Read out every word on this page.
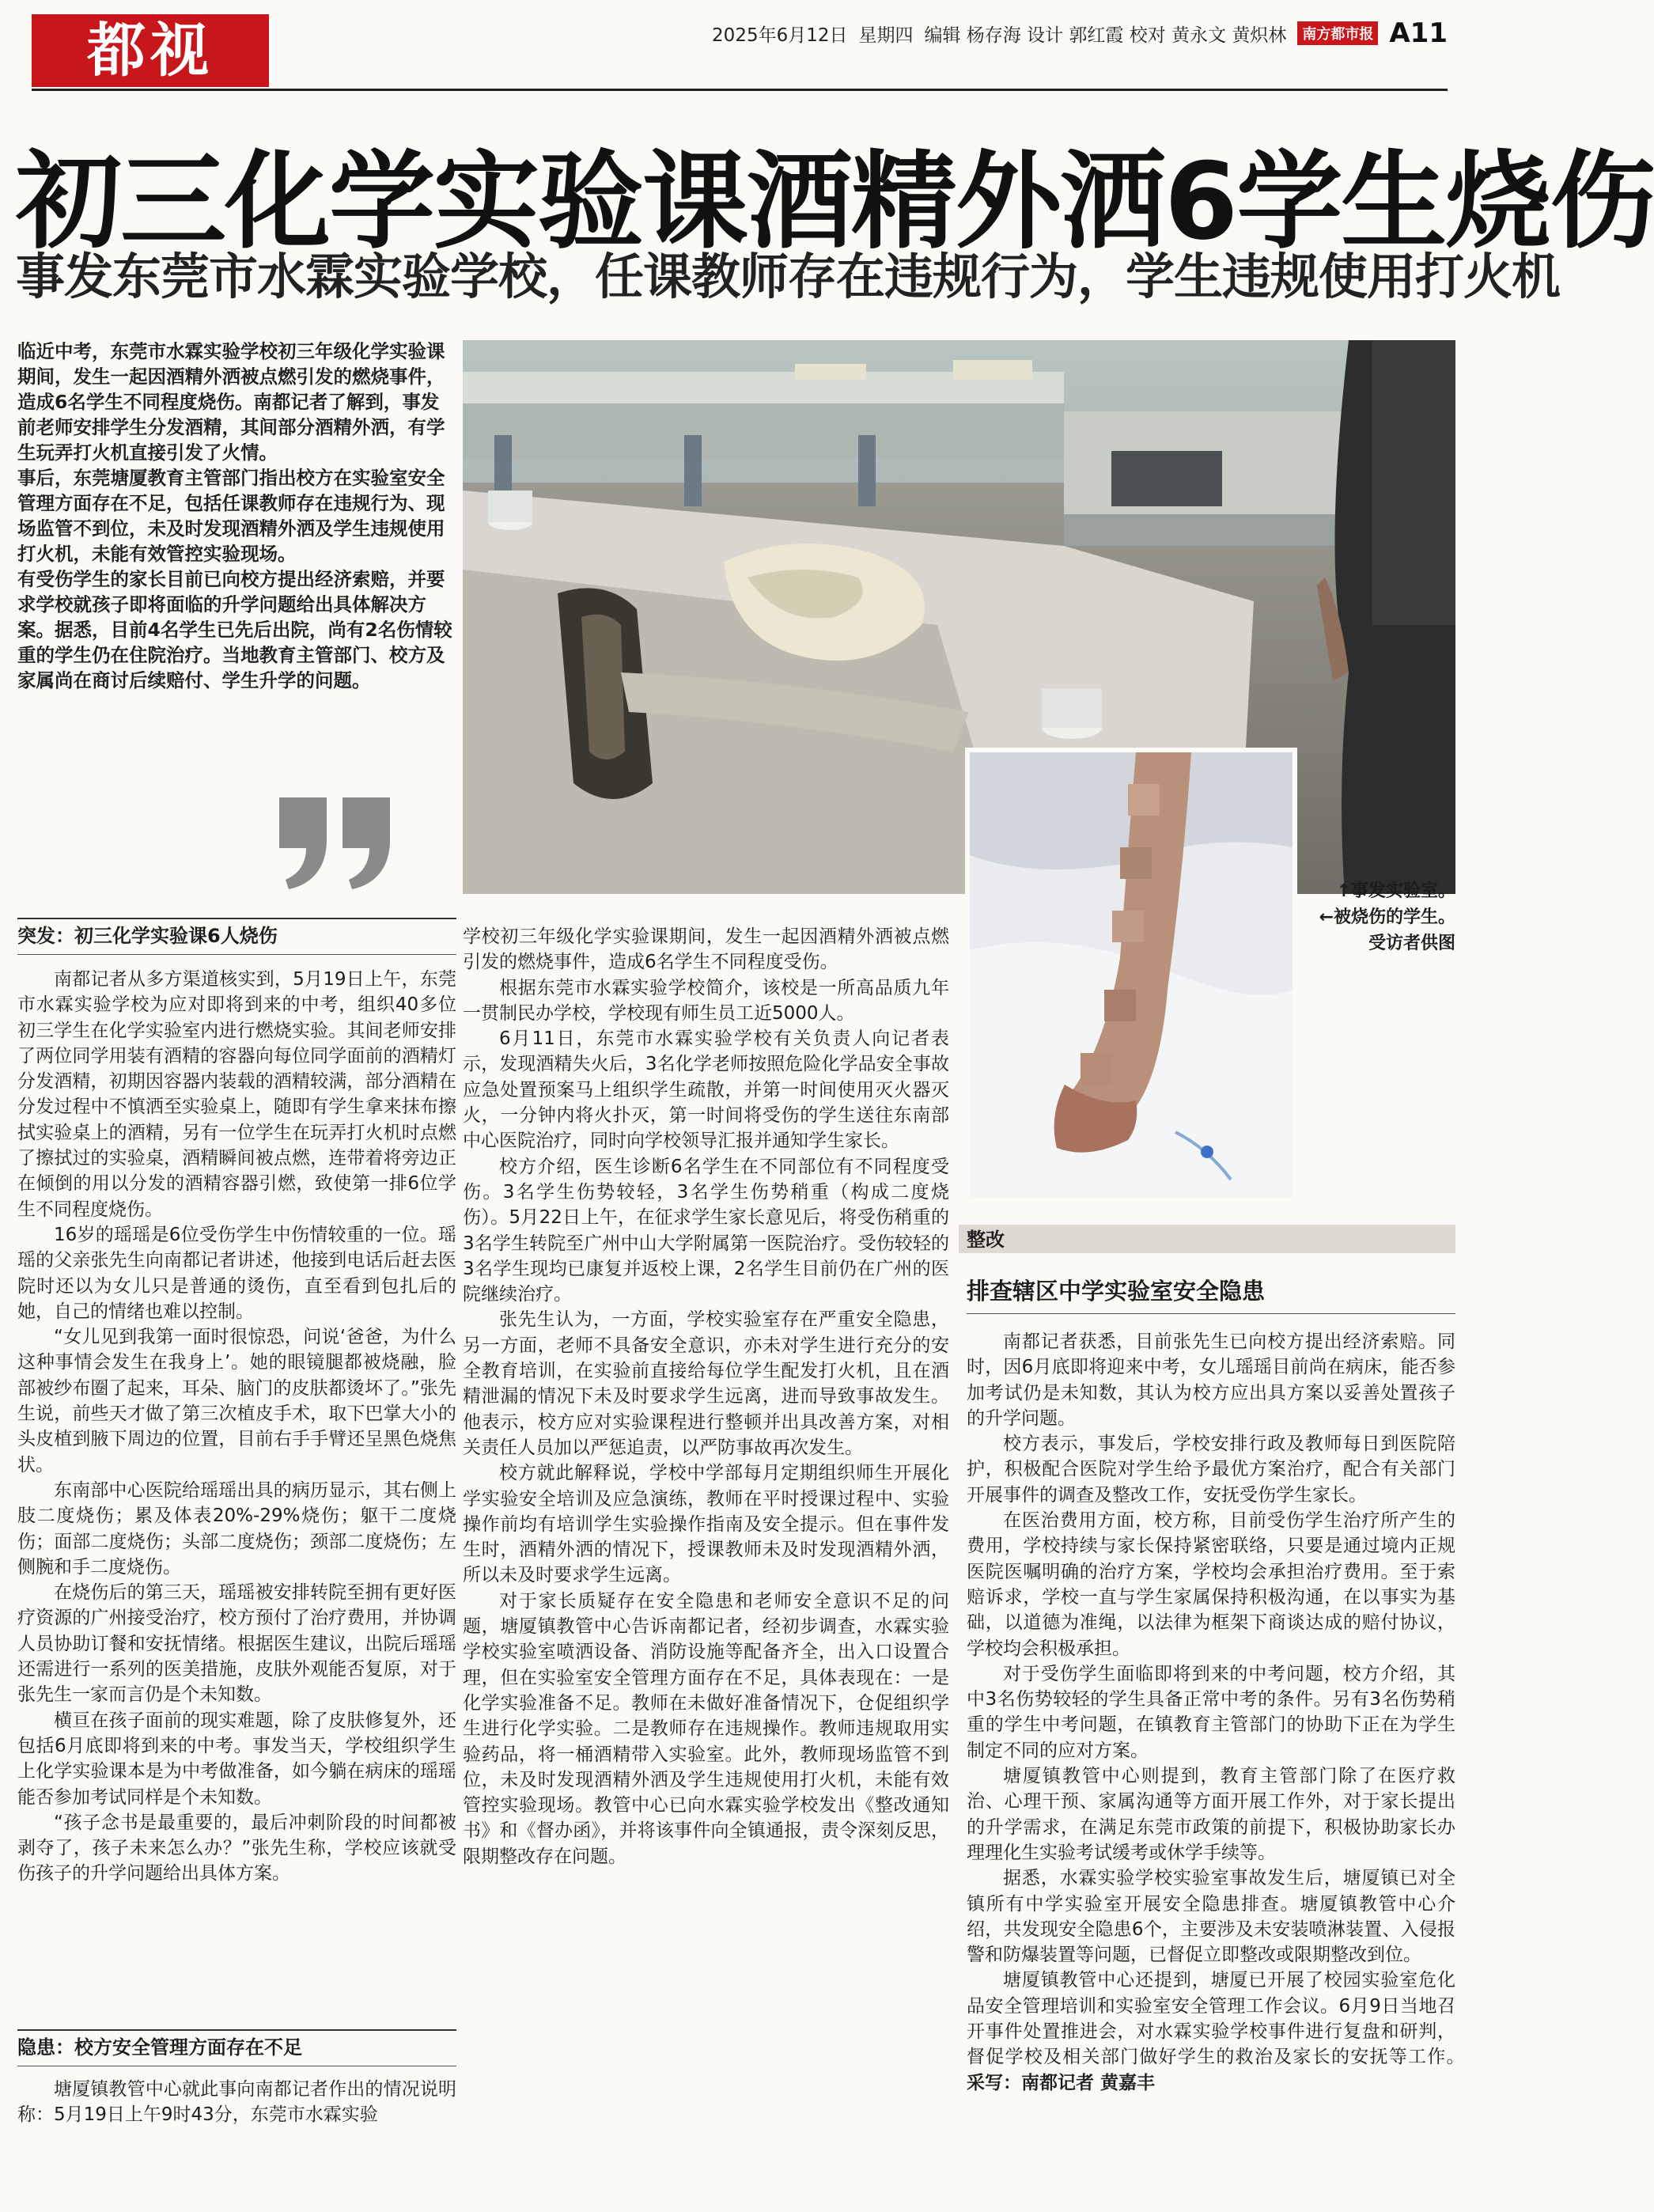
都视	2025年6月12日 星期四 编辑 杨存海 设计 郭红霞 校对 黄永文 黄炽林	南方都市报 A11
初三化学实验课酒精外洒6学生烧伤
事发东莞市水霖实验学校，任课教师存在违规行为，学生违规使用打火机

临近中考，东莞市水霖实验学校初三年级化学实验课期间，发生一起因酒精外洒被点燃引发的燃烧事件，造成6名学生不同程度烧伤。南都记者了解到，事发前老师安排学生分发酒精，其间部分酒精外洒，有学生玩弄打火机直接引发了火情。

事后，东莞塘厦教育主管部门指出校方在实验室安全管理方面存在不足，包括任课教师存在违规行为、现场监管不到位，未及时发现酒精外洒及学生违规使用打火机，未能有效管控实验现场。

有受伤学生的家长目前已向校方提出经济索赔，并要求学校就孩子即将面临的升学问题给出具体解决方案。据悉，目前4名学生已先后出院，尚有2名伤情较重的学生仍在住院治疗。当地教育主管部门、校方及家属尚在商讨后续赔付、学生升学的问题。

↑事发实验室。
←被烧伤的学生。
受访者供图
突发：初三化学实验课6人烧伤

南都记者从多方渠道核实到，5月19日上午，东莞市水霖实验学校为应对即将到来的中考，组织40多位初三学生在化学实验室内进行燃烧实验。其间老师安排了两位同学用装有酒精的容器向每位同学面前的酒精灯分发酒精，初期因容器内装载的酒精较满，部分酒精在分发过程中不慎洒至实验桌上，随即有学生拿来抹布擦拭实验桌上的酒精，另有一位学生在玩弄打火机时点燃了擦拭过的实验桌，酒精瞬间被点燃，连带着将旁边正在倾倒的用以分发的酒精容器引燃，致使第一排6位学生不同程度烧伤。

16岁的瑶瑶是6位受伤学生中伤情较重的一位。瑶瑶的父亲张先生向南都记者讲述，他接到电话后赶去医院时还以为女儿只是普通的烫伤，直至看到包扎后的她，自己的情绪也难以控制。

“女儿见到我第一面时很惊恐，问说‘爸爸，为什么这种事情会发生在我身上’。她的眼镜腿都被烧融，脸部被纱布圈了起来，耳朵、脑门的皮肤都烫坏了。”张先生说，前些天才做了第三次植皮手术，取下巴掌大小的头皮植到腋下周边的位置，目前右手手臂还呈黑色烧焦状。

东南部中心医院给瑶瑶出具的病历显示，其右侧上肢二度烧伤；累及体表20%-29%烧伤；躯干二度烧伤；面部二度烧伤；头部二度烧伤；颈部二度烧伤；左侧腕和手二度烧伤。

在烧伤后的第三天，瑶瑶被安排转院至拥有更好医疗资源的广州接受治疗，校方预付了治疗费用，并协调人员协助订餐和安抚情绪。根据医生建议，出院后瑶瑶还需进行一系列的医美措施，皮肤外观能否复原，对于张先生一家而言仍是个未知数。

横亘在孩子面前的现实难题，除了皮肤修复外，还包括6月底即将到来的中考。事发当天，学校组织学生上化学实验课本是为中考做准备，如今躺在病床的瑶瑶能否参加考试同样是个未知数。

“孩子念书是最重要的，最后冲刺阶段的时间都被剥夺了，孩子未来怎么办？”张先生称，学校应该就受伤孩子的升学问题给出具体方案。

隐患：校方安全管理方面存在不足

塘厦镇教管中心就此事向南都记者作出的情况说明称：5月19日上午9时43分，东莞市水霖实验

学校初三年级化学实验课期间，发生一起因酒精外洒被点燃引发的燃烧事件，造成6名学生不同程度受伤。

根据东莞市水霖实验学校简介，该校是一所高品质九年一贯制民办学校，学校现有师生员工近5000人。

6月11日，东莞市水霖实验学校有关负责人向记者表示，发现酒精失火后，3名化学老师按照危险化学品安全事故应急处置预案马上组织学生疏散，并第一时间使用灭火器灭火，一分钟内将火扑灭，第一时间将受伤的学生送往东南部中心医院治疗，同时向学校领导汇报并通知学生家长。

校方介绍，医生诊断6名学生在不同部位有不同程度受伤。3名学生伤势较轻，3名学生伤势稍重（构成二度烧伤）。5月22日上午，在征求学生家长意见后，将受伤稍重的3名学生转院至广州中山大学附属第一医院治疗。受伤较轻的3名学生现均已康复并返校上课，2名学生目前仍在广州的医院继续治疗。

张先生认为，一方面，学校实验室存在严重安全隐患，另一方面，老师不具备安全意识，亦未对学生进行充分的安全教育培训，在实验前直接给每位学生配发打火机，且在酒精泄漏的情况下未及时要求学生远离，进而导致事故发生。他表示，校方应对实验课程进行整顿并出具改善方案，对相关责任人员加以严惩追责，以严防事故再次发生。

校方就此解释说，学校中学部每月定期组织师生开展化学实验安全培训及应急演练，教师在平时授课过程中、实验操作前均有培训学生实验操作指南及安全提示。但在事件发生时，酒精外洒的情况下，授课教师未及时发现酒精外洒，所以未及时要求学生远离。

对于家长质疑存在安全隐患和老师安全意识不足的问题，塘厦镇教管中心告诉南都记者，经初步调查，水霖实验学校实验室喷洒设备、消防设施等配备齐全，出入口设置合理，但在实验室安全管理方面存在不足，具体表现在：一是化学实验准备不足。教师在未做好准备情况下，仓促组织学生进行化学实验。二是教师存在违规操作。教师违规取用实验药品，将一桶酒精带入实验室。此外，教师现场监管不到位，未及时发现酒精外洒及学生违规使用打火机，未能有效管控实验现场。教管中心已向水霖实验学校发出《整改通知书》和《督办函》，并将该事件向全镇通报，责令深刻反思，限期整改存在问题。

整改
排查辖区中学实验室安全隐患

南都记者获悉，目前张先生已向校方提出经济索赔。同时，因6月底即将迎来中考，女儿瑶瑶目前尚在病床，能否参加考试仍是未知数，其认为校方应出具方案以妥善处置孩子的升学问题。

校方表示，事发后，学校安排行政及教师每日到医院陪护，积极配合医院对学生给予最优方案治疗，配合有关部门开展事件的调查及整改工作，安抚受伤学生家长。

在医治费用方面，校方称，目前受伤学生治疗所产生的费用，学校持续与家长保持紧密联络，只要是通过境内正规医院医嘱明确的治疗方案，学校均会承担治疗费用。至于索赔诉求，学校一直与学生家属保持积极沟通，在以事实为基础，以道德为准绳，以法律为框架下商谈达成的赔付协议，学校均会积极承担。

对于受伤学生面临即将到来的中考问题，校方介绍，其中3名伤势较轻的学生具备正常中考的条件。另有3名伤势稍重的学生中考问题，在镇教育主管部门的协助下正在为学生制定不同的应对方案。

塘厦镇教管中心则提到，教育主管部门除了在医疗救治、心理干预、家属沟通等方面开展工作外，对于家长提出的升学需求，在满足东莞市政策的前提下，积极协助家长办理理化生实验考试缓考或休学手续等。

据悉，水霖实验学校实验室事故发生后，塘厦镇已对全镇所有中学实验室开展安全隐患排查。塘厦镇教管中心介绍，共发现安全隐患6个，主要涉及未安装喷淋装置、入侵报警和防爆装置等问题，已督促立即整改或限期整改到位。

塘厦镇教管中心还提到，塘厦已开展了校园实验室危化品安全管理培训和实验室安全管理工作会议。6月9日当地召开事件处置推进会，对水霖实验学校事件进行复盘和研判，督促学校及相关部门做好学生的救治及家长的安抚等工作。　采写：南都记者 黄嘉丰
